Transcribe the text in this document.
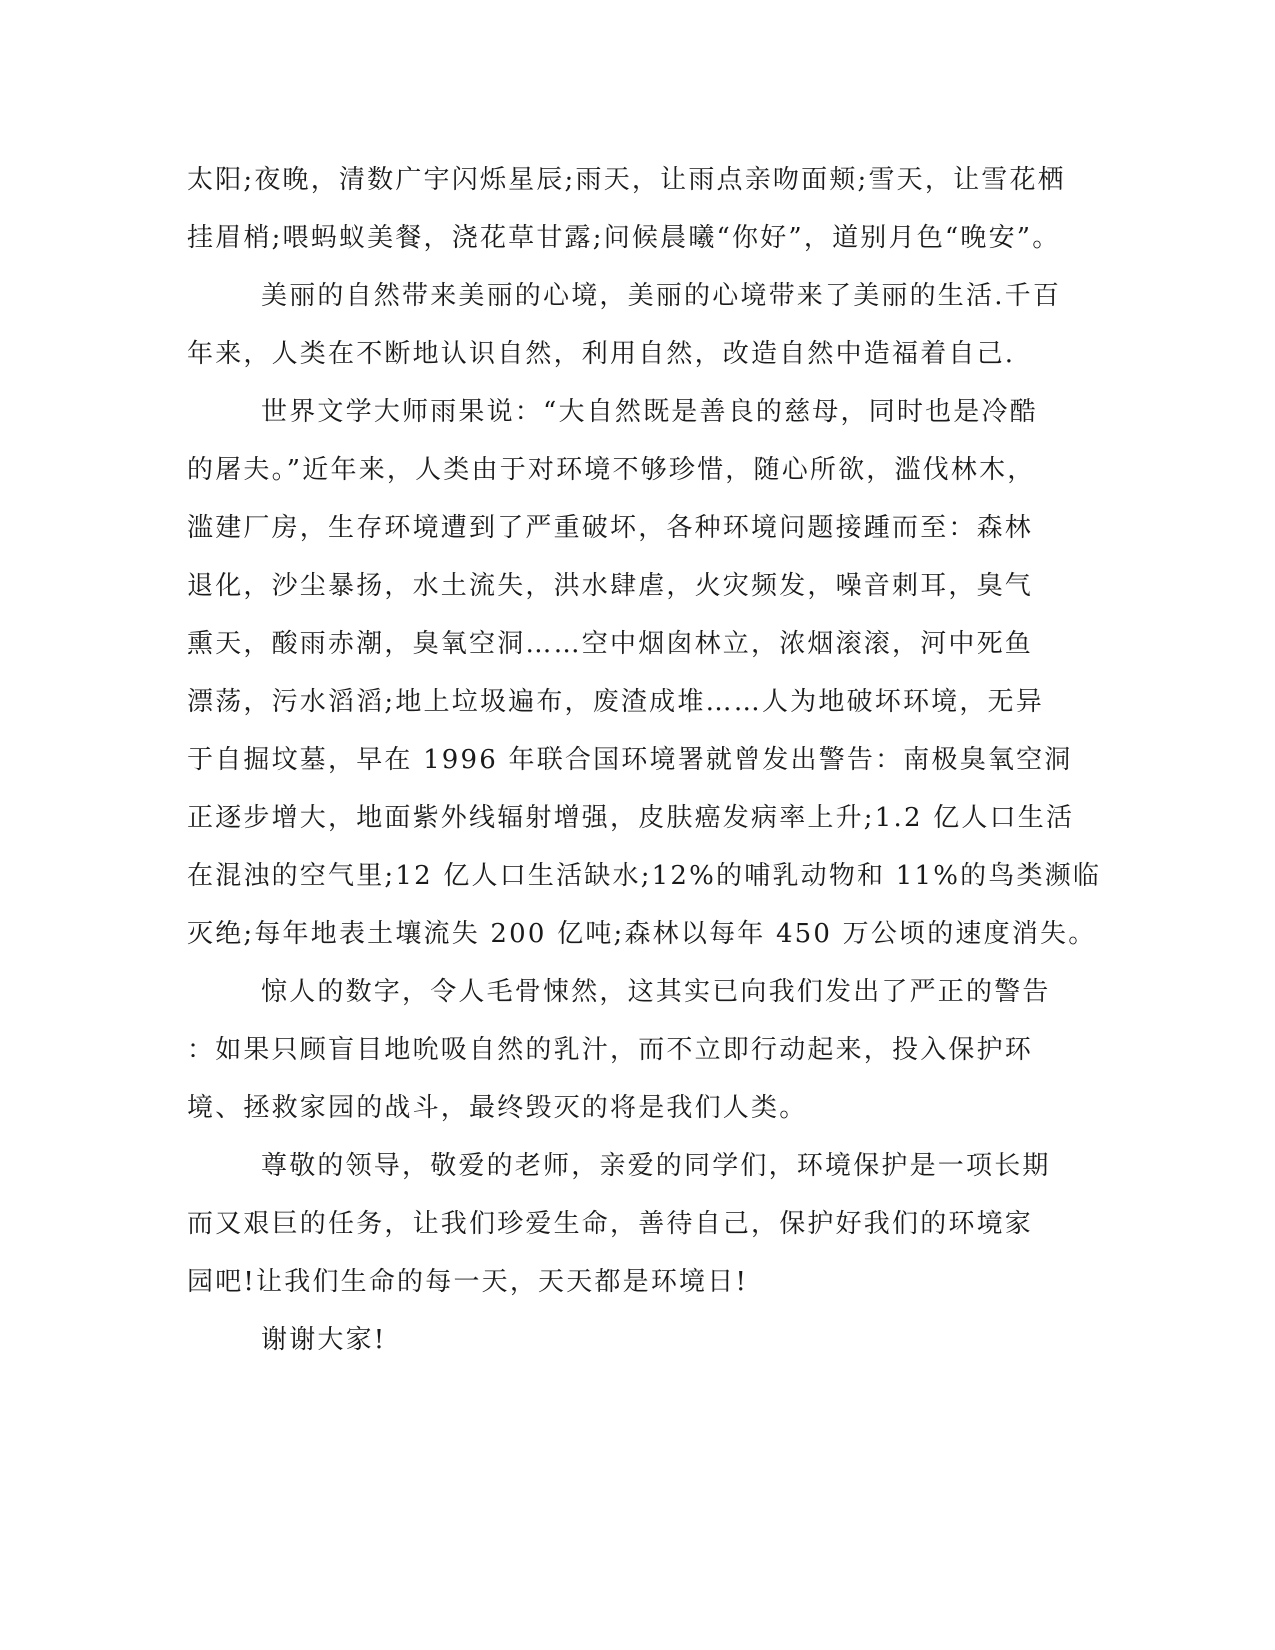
太阳;夜晚，清数广宇闪烁星辰;雨天，让雨点亲吻面颊;雪天，让雪花栖

挂眉梢;喂蚂蚁美餐，浇花草甘露;问候晨曦“你好”，道别月色“晚安”。

美丽的自然带来美丽的心境，美丽的心境带来了美丽的生活.千百

年来，人类在不断地认识自然，利用自然，改造自然中造福着自己.

世界文学大师雨果说：“大自然既是善良的慈母，同时也是冷酷

的屠夫。”近年来，人类由于对环境不够珍惜，随心所欲，滥伐林木，

滥建厂房，生存环境遭到了严重破坏，各种环境问题接踵而至：森林

退化，沙尘暴扬，水土流失，洪水肆虐，火灾频发，噪音刺耳，臭气

熏天，酸雨赤潮，臭氧空洞……空中烟囱林立，浓烟滚滚，河中死鱼

漂荡，污水滔滔;地上垃圾遍布，废渣成堆……人为地破坏环境，无异

于自掘坟墓，早在 1996 年联合国环境署就曾发出警告：南极臭氧空洞

正逐步增大，地面紫外线辐射增强，皮肤癌发病率上升;1.2 亿人口生活

在混浊的空气里;12 亿人口生活缺水;12%的哺乳动物和 11%的鸟类濒临

灭绝;每年地表土壤流失 200 亿吨;森林以每年 450 万公顷的速度消失。

惊人的数字，令人毛骨悚然，这其实已向我们发出了严正的警告

：如果只顾盲目地吮吸自然的乳汁，而不立即行动起来，投入保护环

境、拯救家园的战斗，最终毁灭的将是我们人类。

尊敬的领导，敬爱的老师，亲爱的同学们，环境保护是一项长期

而又艰巨的任务，让我们珍爱生命，善待自己，保护好我们的环境家

园吧!让我们生命的每一天，天天都是环境日!

谢谢大家!
